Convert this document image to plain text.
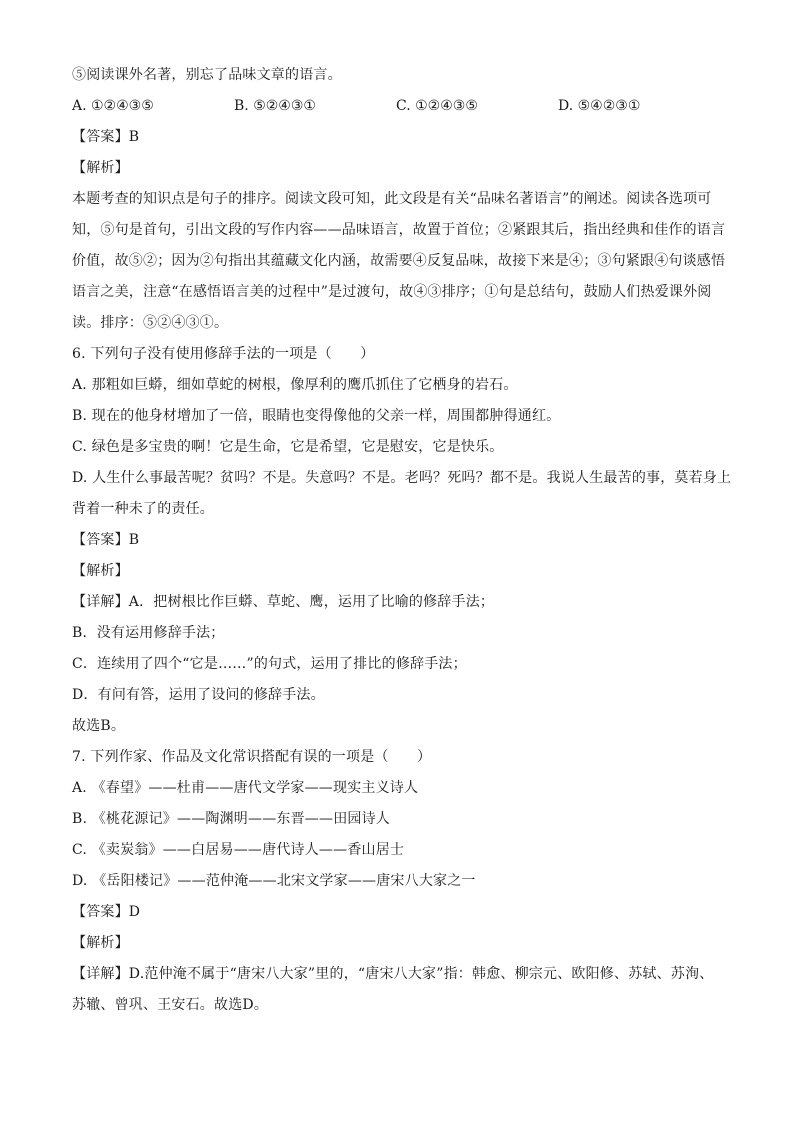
⑤阅读课外名著，别忘了品味文章的语言。
A. ①②④③⑤	B. ⑤②④③①	C. ①②④③⑤	D. ⑤④②③①
【答案】B
【解析】
本题考查的知识点是句子的排序。阅读文段可知，此文段是有关“品味名著语言”的阐述。阅读各选项可
知，⑤句是首句，引出文段的写作内容——品味语言，故置于首位；②紧跟其后，指出经典和佳作的语言
价值，故⑤②；因为②句指出其蕴藏文化内涵，故需要④反复品味，故接下来是④；③句紧跟④句谈感悟
语言之美，注意“在感悟语言美的过程中”是过渡句，故④③排序；①句是总结句，鼓励人们热爱课外阅
读。排序：⑤②④③①。
6. 下列句子没有使用修辞手法的一项是（　　）
A. 那粗如巨蟒，细如草蛇的树根，像厚利的鹰爪抓住了它栖身的岩石。
B. 现在的他身材增加了一倍，眼睛也变得像他的父亲一样，周围都肿得通红。
C. 绿色是多宝贵的啊！它是生命，它是希望，它是慰安，它是快乐。
D. 人生什么事最苦呢？贫吗？不是。失意吗？不是。老吗？死吗？都不是。我说人生最苦的事，莫若身上
背着一种未了的责任。
【答案】B
【解析】
【详解】A．把树根比作巨蟒、草蛇、鹰，运用了比喻的修辞手法；
B．没有运用修辞手法；
C．连续用了四个“它是……”的句式，运用了排比的修辞手法；
D．有问有答，运用了设问的修辞手法。
故选B。
7. 下列作家、作品及文化常识搭配有误的一项是（　　）
A. 《春望》——杜甫——唐代文学家——现实主义诗人
B. 《桃花源记》——陶渊明——东晋——田园诗人
C. 《卖炭翁》——白居易——唐代诗人——香山居士
D. 《岳阳楼记》——范仲淹——北宋文学家——唐宋八大家之一
【答案】D
【解析】
【详解】D.范仲淹不属于“唐宋八大家”里的，“唐宋八大家”指：韩愈、柳宗元、欧阳修、苏轼、苏洵、
苏辙、曾巩、王安石。故选D。
